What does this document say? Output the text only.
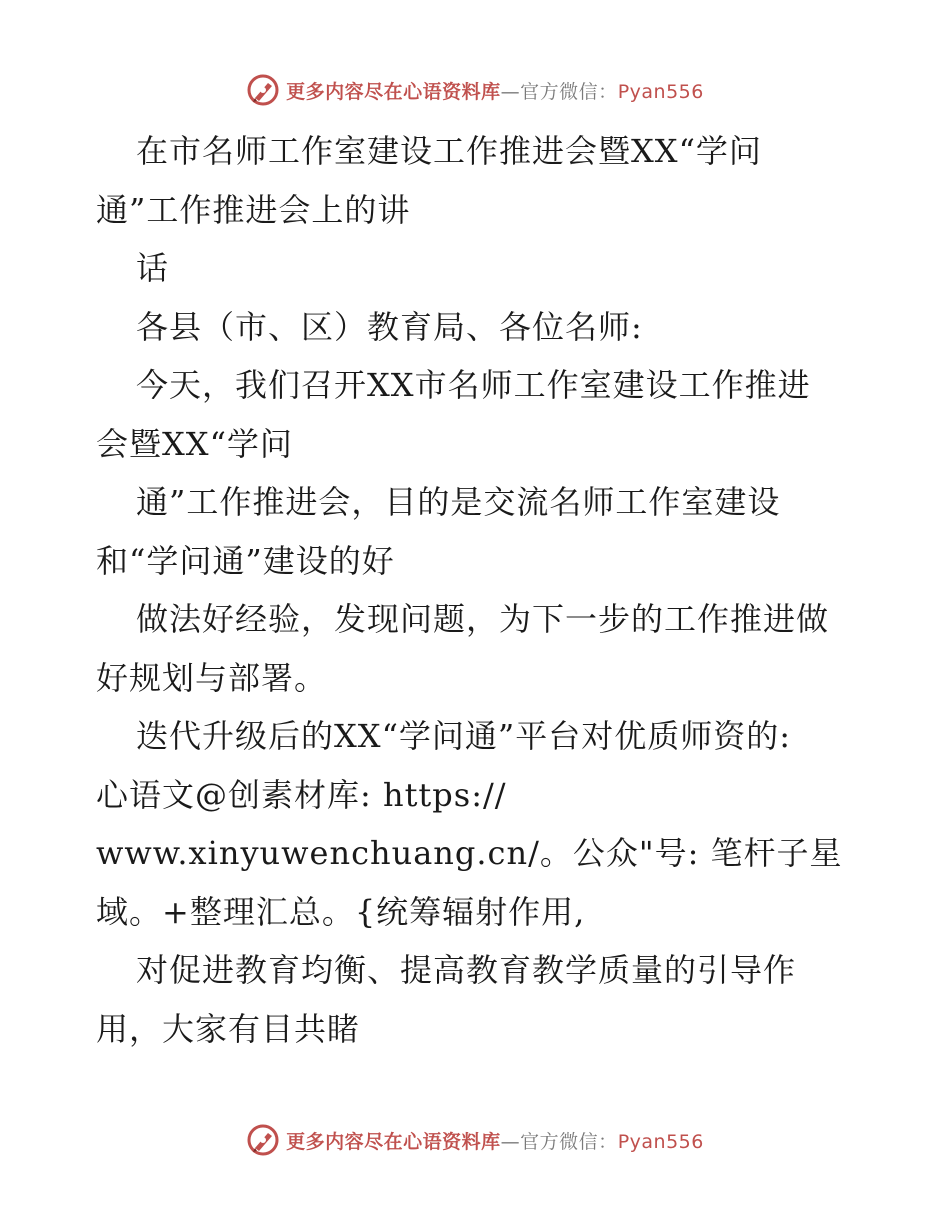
更多内容尽在心语资料库—官方微信：Pyan556
在市名师工作室建设工作推进会暨XX“学问
通”工作推进会上的讲
话
各县（市、区）教育局、各位名师:
今天，我们召开XX市名师工作室建设工作推进
会暨XX“学问
通”工作推进会，目的是交流名师工作室建设
和“学问通”建设的好
做法好经验，发现问题，为下一步的工作推进做
好规划与部署。
迭代升级后的XX“学问通”平台对优质师资的:
心语文@创素材库: https://
www.xinyuwenchuang.cn/。公众"号: 笔杆子星
域。+整理汇总。{统筹辐射作用,
对促进教育均衡、提高教育教学质量的引导作
用，大家有目共睹
更多内容尽在心语资料库—官方微信：Pyan556
